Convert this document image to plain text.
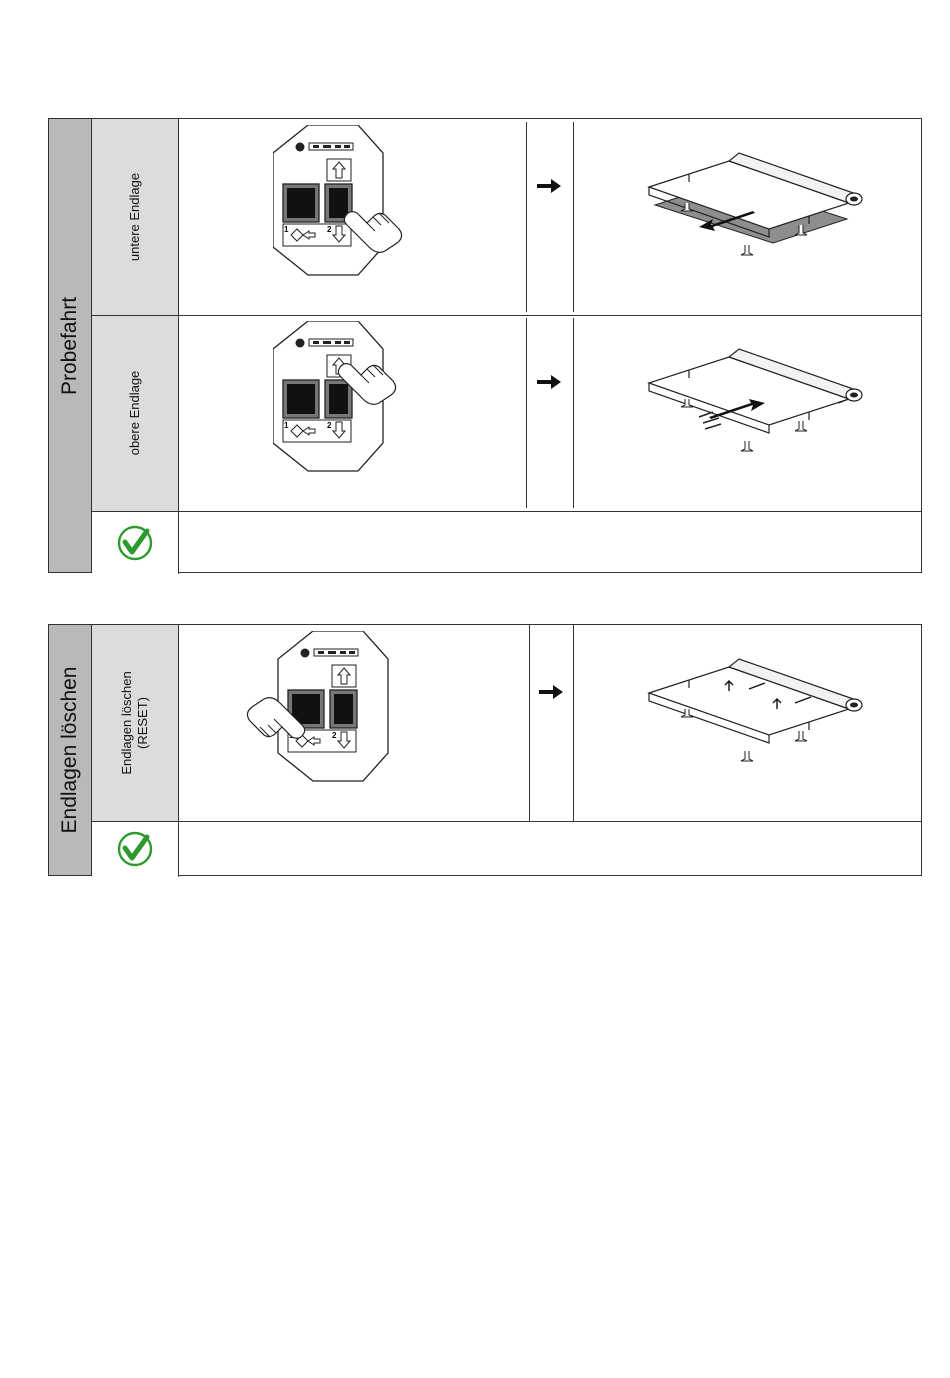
Probefahrt
untere Endlage
obere Endlage
Endlagen löschen	Endlagen löschen (RESET)
